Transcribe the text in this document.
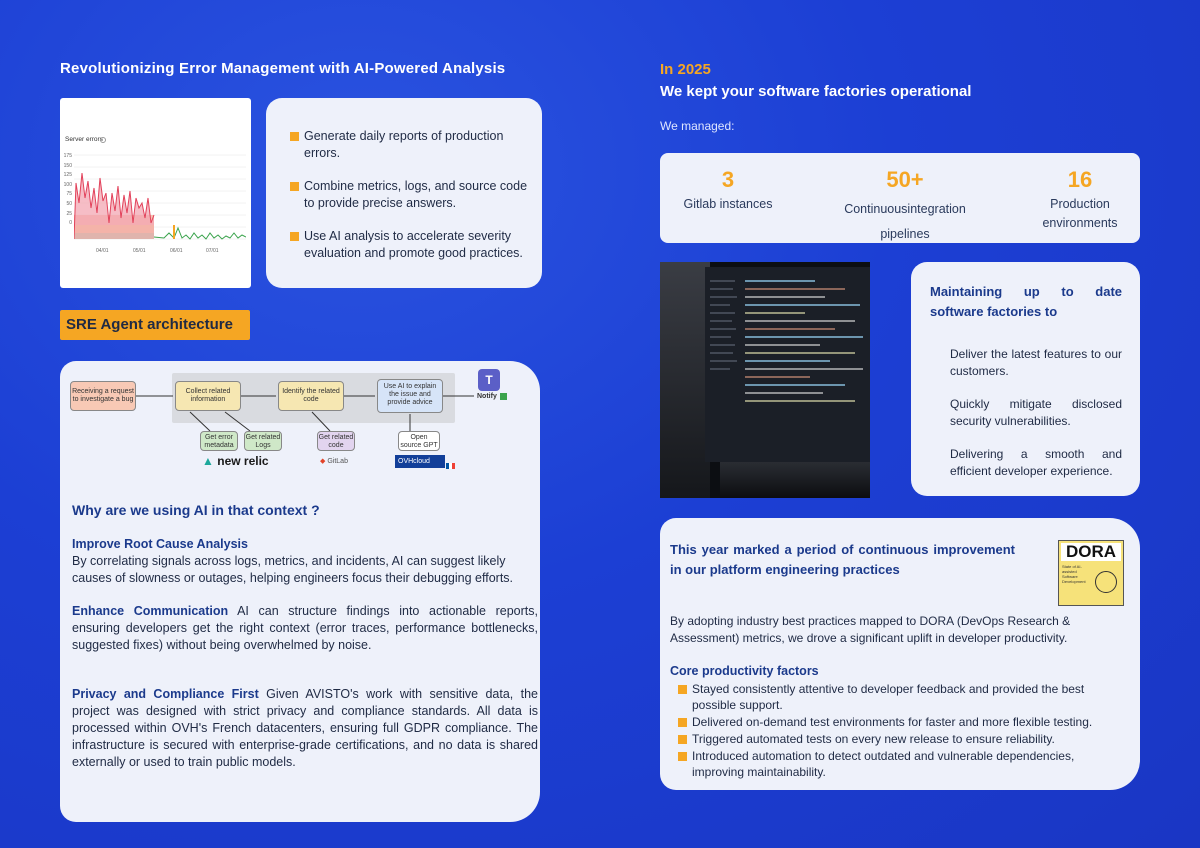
Revolutionizing Error Management with AI-Powered Analysis
Server errors
175
150
125
100
75
50
25
0
04/01	05/01	06/01	07/01
Generate daily reports of production errors.
Combine metrics, logs, and source code to provide precise answers.
Use AI analysis to accelerate severity evaluation and promote good practices.
SRE Agent architecture
Receiving a request to investigate a bug
Collect related information
Identify the related code
Use AI to explain the issue and provide advice
T
Notify
Get error metadata
Get related Logs
Get related code
Open source GPT
▲ new relic	◆ GitLab	OVHcloud
Why are we using AI in that context ?
Improve Root Cause Analysis
By correlating signals across logs, metrics, and incidents, AI can suggest likely causes of slowness or outages, helping engineers focus their debugging efforts.
Enhance Communication AI can structure findings into actionable reports, ensuring developers get the right context (error traces, performance bottlenecks, suggested fixes) without being overwhelmed by noise.
Privacy and Compliance First Given AVISTO's work with sensitive data, the project was designed with strict privacy and compliance standards. All data is processed within OVH's French datacenters, ensuring full GDPR compliance. The infrastructure is secured with enterprise-grade certifications, and no data is shared externally or used to train public models.
In 2025
We kept your software factories operational
We managed:
3
Gitlab instances
50+
Continuousintegration pipelines
16
Production environments
Maintaining up to date software factories to
Deliver the latest features to our customers.
Quickly mitigate disclosed security vulnerabilities.
Delivering a smooth and efficient developer experience.
This year marked a period of continuous improvement in our platform engineering practices
DORA
State of AI-assisted Software Development
By adopting industry best practices mapped to DORA (DevOps Research & Assessment) metrics, we drove a significant uplift in developer productivity.
Core productivity factors
Stayed consistently attentive to developer feedback and provided the best possible support.
Delivered on-demand test environments for faster and more flexible testing.
Triggered automated tests on every new release to ensure reliability.
Introduced automation to detect outdated and vulnerable dependencies, improving maintainability.
